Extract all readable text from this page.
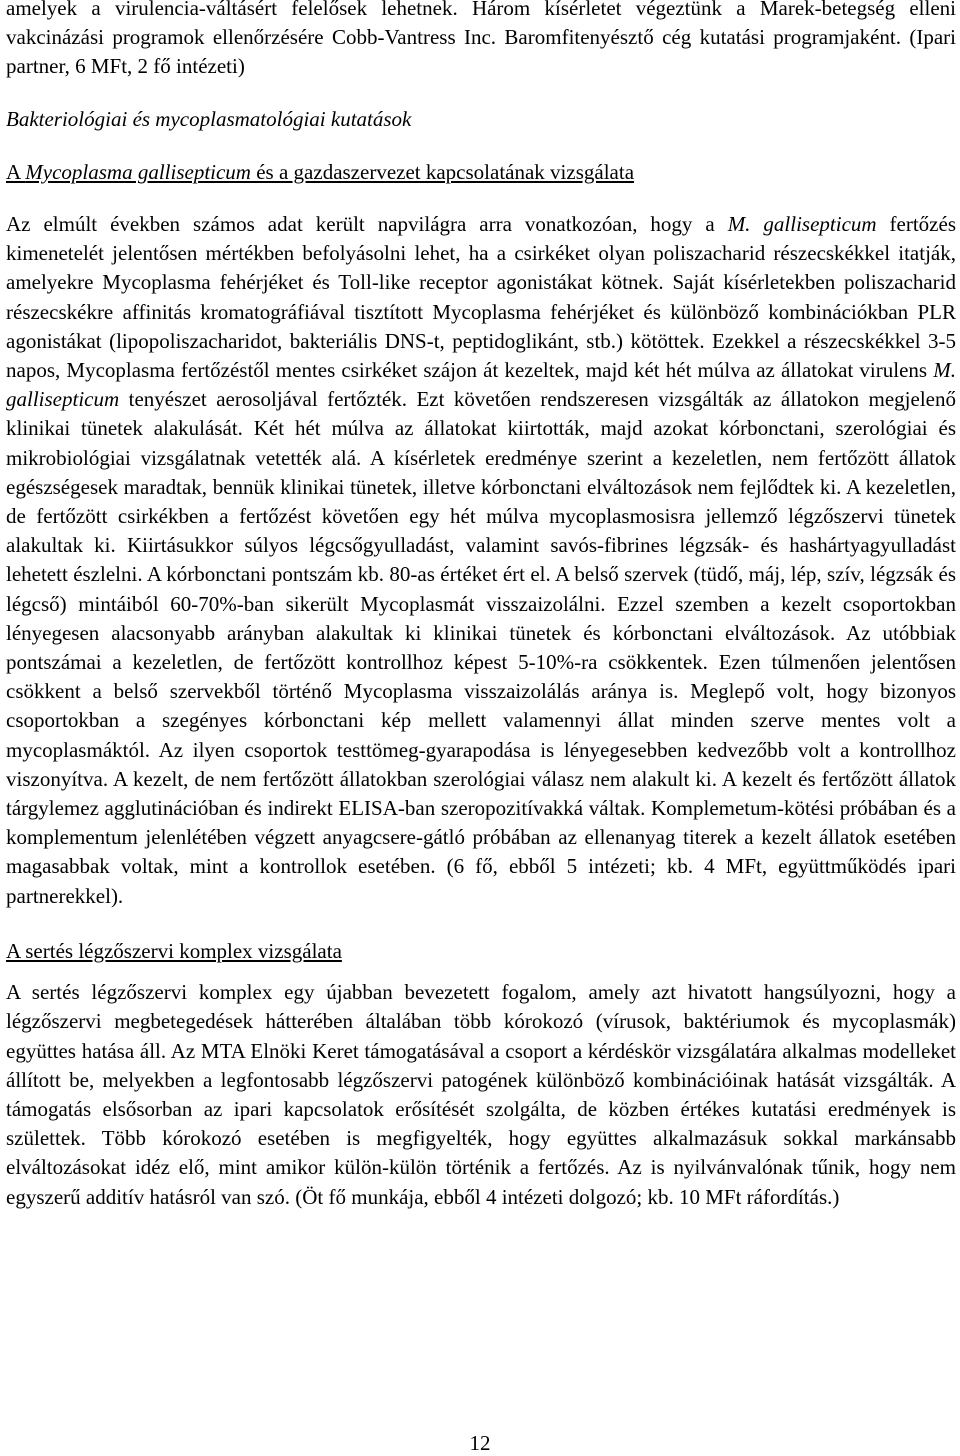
amelyek a virulencia-váltásért felelősek lehetnek. Három kísérletet végeztünk a Marek-betegség elleni vakcinázási programok ellenőrzésére Cobb-Vantress Inc. Baromfitenyésztő cég kutatási programjaként. (Ipari partner, 6 MFt, 2 fő intézeti)

Bakteriológiai és mycoplasmatológiai kutatások

A Mycoplasma gallisepticum és a gazdaszervezet kapcsolatának vizsgálata

Az elmúlt években számos adat került napvilágra arra vonatkozóan, hogy a M. gallisepticum fertőzés kimenetelét jelentősen mértékben befolyásolni lehet, ha a csirkéket olyan poliszacharid részecskékkel itatják, amelyekre Mycoplasma fehérjéket és Toll-like receptor agonistákat kötnek. Saját kísérletekben poliszacharid részecskékre affinitás kromatográfiával tisztított Mycoplasma fehérjéket és különböző kombinációkban PLR agonistákat (lipopoliszacharidot, bakteriális DNS-t, peptidoglikánt, stb.) kötöttek. Ezekkel a részecskékkel 3-5 napos, Mycoplasma fertőzéstől mentes csirkéket szájon át kezeltek, majd két hét múlva az állatokat virulens M. gallisepticum tenyészet aerosoljával fertőzték. Ezt követően rendszeresen vizsgálták az állatokon megjelenő klinikai tünetek alakulását. Két hét múlva az állatokat kiirtották, majd azokat kórbonctani, szerológiai és mikrobiológiai vizsgálatnak vetették alá. A kísérletek eredménye szerint a kezeletlen, nem fertőzött állatok egészségesek maradtak, bennük klinikai tünetek, illetve kórbonctani elváltozások nem fejlődtek ki. A kezeletlen, de fertőzött csirkékben a fertőzést követően egy hét múlva mycoplasmosisra jellemző légzőszervi tünetek alakultak ki. Kiirtásukkor súlyos légcsőgyulladást, valamint savós-fibrines légzsák- és hashártyagyulladást lehetett észlelni. A kórbonctani pontszám kb. 80-as értéket ért el. A belső szervek (tüdő, máj, lép, szív, légzsák és légcső) mintáiból 60-70%-ban sikerült Mycoplasmát visszaizolálni. Ezzel szemben a kezelt csoportokban lényegesen alacsonyabb arányban alakultak ki klinikai tünetek és kórbonctani elváltozások. Az utóbbiak pontszámai a kezeletlen, de fertőzött kontrollhoz képest 5-10%-ra csökkentek. Ezen túlmenően jelentősen csökkent a belső szervekből történő Mycoplasma visszaizolálás aránya is. Meglepő volt, hogy bizonyos csoportokban a szegényes kórbonctani kép mellett valamennyi állat minden szerve mentes volt a mycoplasmáktól. Az ilyen csoportok testtömeg-gyarapodása is lényegesebben kedvezőbb volt a kontrollhoz viszonyítva. A kezelt, de nem fertőzött állatokban szerológiai válasz nem alakult ki. A kezelt és fertőzött állatok tárgylemez agglutinációban és indirekt ELISA-ban szeropozitívakká váltak. Komplemetum-kötési próbában és a komplementum jelenlétében végzett anyagcsere-gátló próbában az ellenanyag titerek a kezelt állatok esetében magasabbak voltak, mint a kontrollok esetében. (6 fő, ebből 5 intézeti; kb. 4 MFt, együttműködés ipari partnerekkel).

A sertés légzőszervi komplex vizsgálata

A sertés légzőszervi komplex egy újabban bevezetett fogalom, amely azt hivatott hangsúlyozni, hogy a légzőszervi megbetegedések hátterében általában több kórokozó (vírusok, baktériumok és mycoplasmák) együttes hatása áll. Az MTA Elnöki Keret támogatásával a csoport a kérdéskör vizsgálatára alkalmas modelleket állított be, melyekben a legfontosabb légzőszervi patogének különböző kombinációinak hatását vizsgálták. A támogatás elsősorban az ipari kapcsolatok erősítését szolgálta, de közben értékes kutatási eredmények is születtek. Több kórokozó esetében is megfigyelték, hogy együttes alkalmazásuk sokkal markánsabb elváltozásokat idéz elő, mint amikor külön-külön történik a fertőzés. Az is nyilvánvalónak tűnik, hogy nem egyszerű additív hatásról van szó. (Öt fő munkája, ebből 4 intézeti dolgozó; kb. 10 MFt ráfordítás.)

12
